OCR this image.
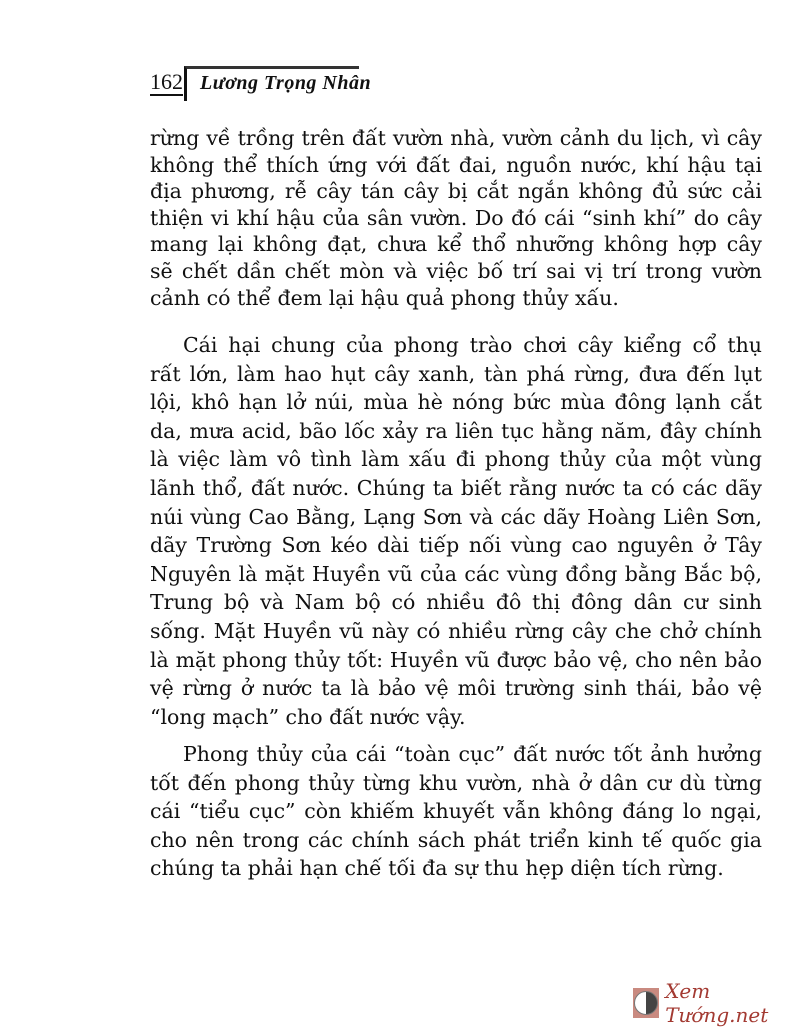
162 Lương Trọng Nhân
rừng về trồng trên đất vườn nhà, vườn cảnh du lịch, vì cây
không thể thích ứng với đất đai, nguồn nước, khí hậu tại
địa phương, rễ cây tán cây bị cắt ngắn không đủ sức cải
thiện vi khí hậu của sân vườn. Do đó cái “sinh khí” do cây
mang lại không đạt, chưa kể thổ nhưỡng không hợp cây
sẽ chết dần chết mòn và việc bố trí sai vị trí trong vườn
cảnh có thể đem lại hậu quả phong thủy xấu.
Cái hại chung của phong trào chơi cây kiểng cổ thụ
rất lớn, làm hao hụt cây xanh, tàn phá rừng, đưa đến lụt
lội, khô hạn lở núi, mùa hè nóng bức mùa đông lạnh cắt
da, mưa acid, bão lốc xảy ra liên tục hằng năm, đây chính
là việc làm vô tình làm xấu đi phong thủy của một vùng
lãnh thổ, đất nước. Chúng ta biết rằng nước ta có các dãy
núi vùng Cao Bằng, Lạng Sơn và các dãy Hoàng Liên Sơn,
dãy Trường Sơn kéo dài tiếp nối vùng cao nguyên ở Tây
Nguyên là mặt Huyền vũ của các vùng đồng bằng Bắc bộ,
Trung bộ và Nam bộ có nhiều đô thị đông dân cư sinh
sống. Mặt Huyền vũ này có nhiều rừng cây che chở chính
là mặt phong thủy tốt: Huyền vũ được bảo vệ, cho nên bảo
vệ rừng ở nước ta là bảo vệ môi trường sinh thái, bảo vệ
“long mạch” cho đất nước vậy.
Phong thủy của cái “toàn cục” đất nước tốt ảnh hưởng
tốt đến phong thủy từng khu vườn, nhà ở dân cư dù từng
cái “tiểu cục” còn khiếm khuyết vẫn không đáng lo ngại,
cho nên trong các chính sách phát triển kinh tế quốc gia
chúng ta phải hạn chế tối đa sự thu hẹp diện tích rừng.
Xem Tướng.net
